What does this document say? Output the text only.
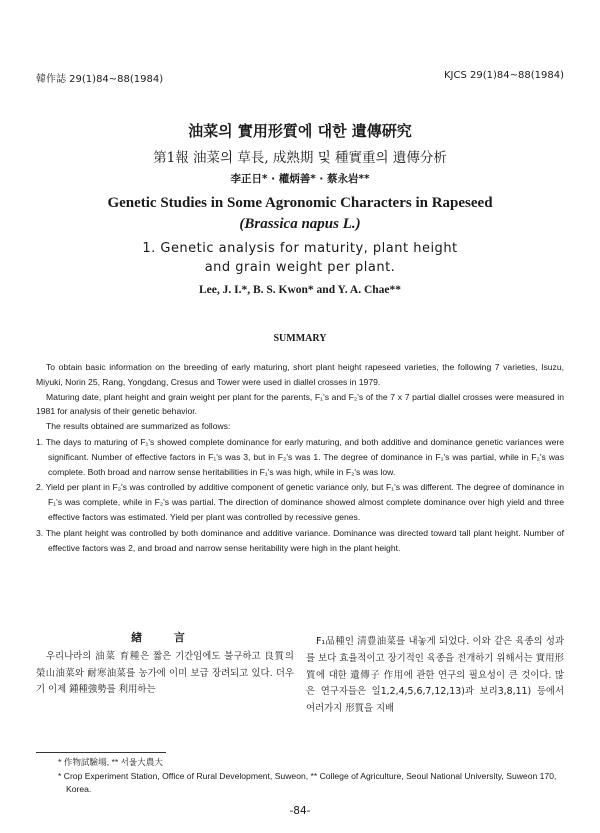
韓作誌 29(1)84~88(1984)	KJCS 29(1)84~88(1984)
油菜의 實用形質에 대한 遺傳硏究
第1報 油菜의 草長, 成熟期 및 種實重의 遺傳分析
李正日* · 權炳善* · 蔡永岩**
Genetic Studies in Some Agronomic Characters in Rapeseed
(Brassica napus L.)
1. Genetic analysis for maturity, plant height
and grain weight per plant.
Lee, J. I.*, B. S. Kwon* and Y. A. Chae**
SUMMARY

To obtain basic information on the breeding of early maturing, short plant height rapeseed varieties, the following 7 varieties, Isuzu, Miyuki, Norin 25, Rang, Yongdang, Cresus and Tower were used in diallel crosses in 1979.

Maturing date, plant height and grain weight per plant for the parents, F₁'s and F₂'s of the 7 x 7 partial diallel crosses were measured in 1981 for analysis of their genetic behavior.

The results obtained are summarized as follows:

1. The days to maturing of F₁'s showed complete dominance for early maturing, and both additive and dominance genetic variances were significant. Number of effective factors in F₁'s was 3, but in F₂'s was 1. The degree of dominance in F₁'s was partial, while in F₂'s was complete. Both broad and narrow sense heritabilities in F₁'s was high, while in F₂'s was low.

2. Yield per plant in F₂'s was controlled by additive component of genetic variance only, but F₁'s was different. The degree of dominance in F₁'s was complete, while in F₂'s was partial. The direction of dominance showed almost complete dominance over high yield and three effective factors was estimated. Yield per plant was controlled by recessive genes.

3. The plant height was controlled by both dominance and additive variance. Dominance was directed toward tall plant height. Number of effective factors was 2, and broad and narrow sense heritability were high in the plant height.

緖 言

우리나라의 油菜 育種은 짧은 기간임에도 불구하고 良質의 榮山油菜와 耐寒油菜를 농가에 이미 보급 장려되고 있다. 더우기 이제 鍾種強勢를 利用하는

F₁品種인 淸豊油菜를 내놓게 되었다. 이와 같은 육종의 성과를 보다 효율적이고 장기적인 육종을 전개하기 위해서는 實用形質에 대한 遺傳子 作用에 관한 연구의 필요성이 큰 것이다. 많은 연구자들은 일1,2,4,5,6,7,12,13)과 보리3,8,11) 등에서 여러가지 形質을 지배

* 作物試驗場, ** 서울大農大
* Crop Experiment Station, Office of Rural Development, Suweon, ** College of Agriculture, Seoul National University, Suweon 170, Korea.
-84-
